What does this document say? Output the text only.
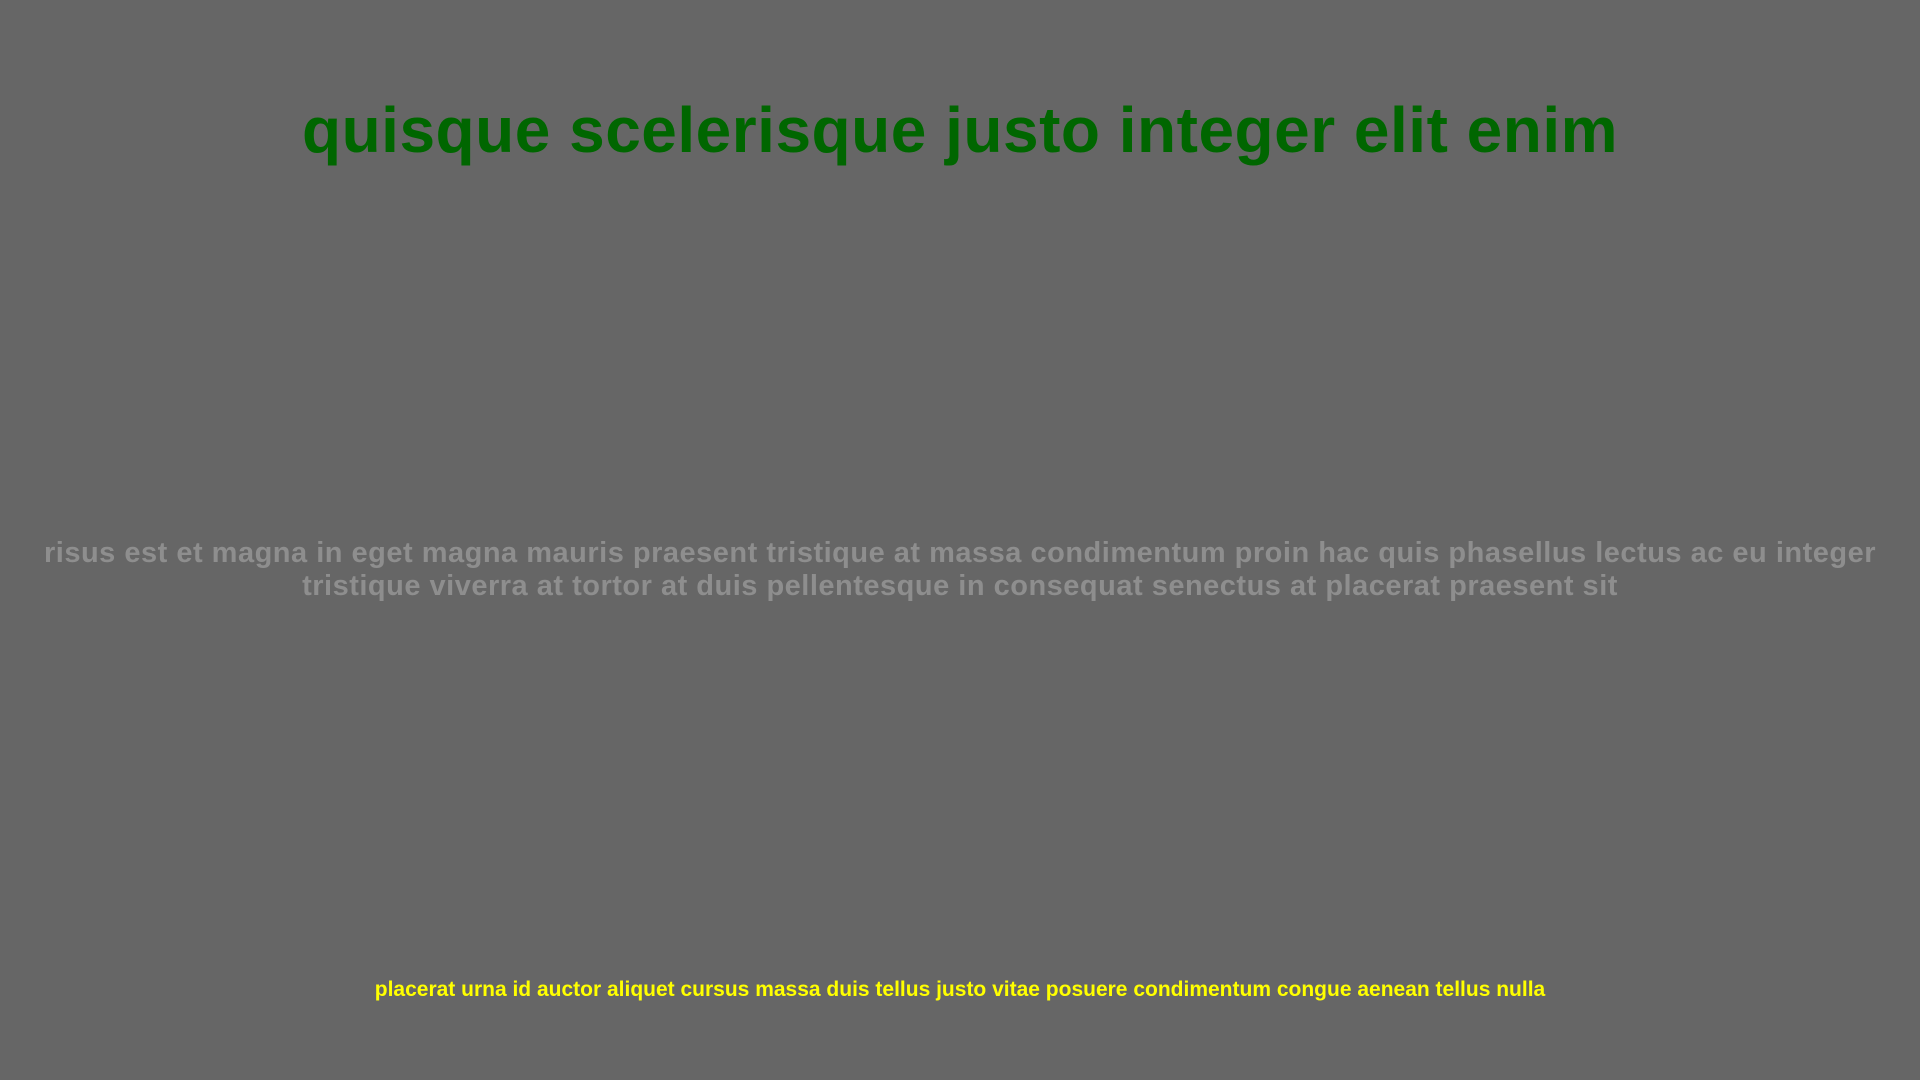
quisque scelerisque justo integer elit enim
risus est et magna in eget magna mauris praesent tristique at massa condimentum proin hac quis phasellus lectus ac eu integer tristique viverra at tortor at duis pellentesque in consequat senectus at placerat praesent sit
placerat urna id auctor aliquet cursus massa duis tellus justo vitae posuere condimentum congue aenean tellus nulla
